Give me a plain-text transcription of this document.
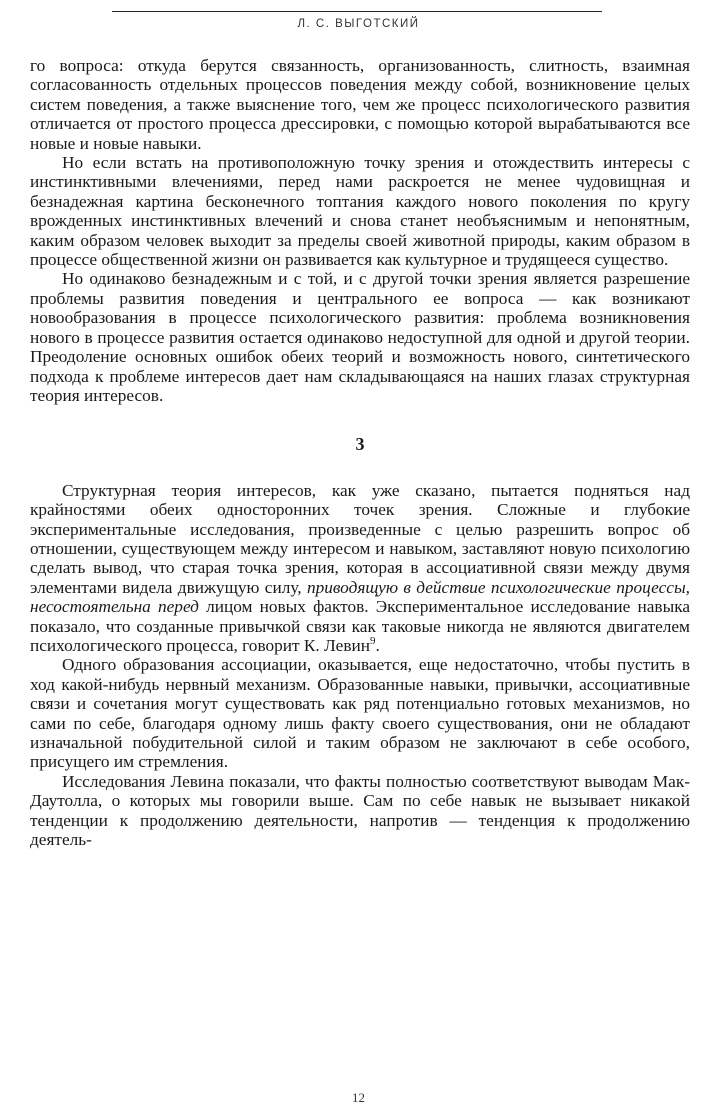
Л. С. ВЫГОТСКИЙ

го вопроса: откуда берутся связанность, организованность, слитность, взаимная согласованность отдельных процессов поведения между собой, возникновение целых систем поведения, а также выяснение того, чем же процесс психологического развития отличается от простого процесса дрессировки, с помощью которой вырабатываются все новые и новые навыки.

Но если встать на противоположную точку зрения и отождествить интересы с инстинктивными влечениями, перед нами раскроется не менее чудовищная и безнадежная картина бесконечного топтания каждого нового поколения по кругу врожденных инстинктивных влечений и снова станет необъяснимым и непонятным, каким образом человек выходит за пределы своей животной природы, каким образом в процессе общественной жизни он развивается как культурное и трудящееся существо.

Но одинаково безнадежным и с той, и с другой точки зрения является разрешение проблемы развития поведения и центрального ее вопроса — как возникают новообразования в процессе психологического развития: проблема возникновения нового в процессе развития остается одинаково недоступной для одной и другой теории. Преодоление основных ошибок обеих теорий и возможность нового, синтетического подхода к проблеме интересов дает нам складывающаяся на наших глазах структурная теория интересов.

3

Структурная теория интересов, как уже сказано, пытается подняться над крайностями обеих односторонних точек зрения. Сложные и глубокие экспериментальные исследования, произведенные с целью разрешить вопрос об отношении, существующем между интересом и навыком, заставляют новую психологию сделать вывод, что старая точка зрения, которая в ассоциативной связи между двумя элементами видела движущую силу, приводящую в действие психологические процессы, несостоятельна перед лицом новых фактов. Экспериментальное исследование навыка показало, что созданные привычкой связи как таковые никогда не являются двигателем психологического процесса, говорит К. Левин$^9$.

Одного образования ассоциации, оказывается, еще недостаточно, чтобы пустить в ход какой-нибудь нервный механизм. Образованные навыки, привычки, ассоциативные связи и сочетания могут существовать как ряд потенциально готовых механизмов, но сами по себе, благодаря одному лишь факту своего существования, они не обладают изначальной побудительной силой и таким образом не заключают в себе особого, присущего им стремления.

Исследования Левина показали, что факты полностью соответствуют выводам Мак-Даутолла, о которых мы говорили выше. Сам по себе навык не вызывает никакой тенденции к продолжению деятельности, напротив — тенденция к продолжению деятель-

12
